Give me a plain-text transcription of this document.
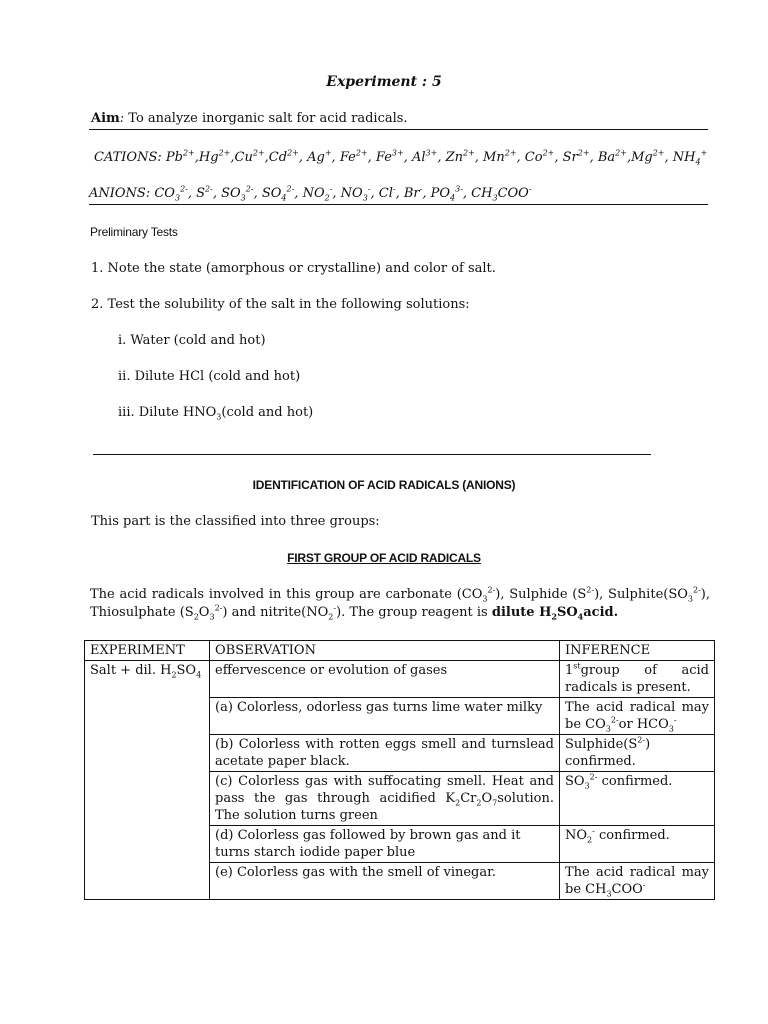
Experiment : 5
Aim: To analyze inorganic salt for acid radicals.
CATIONS: $Pb^{2+},Hg^{2+},Cu^{2+},Cd^{2+}$, Ag+, $Fe^{2+}$, $Fe^{3+}$, $Al^{3+}$, $Zn^{2+}$, $Mn^{2+}$, $Co^{2+}$, $Sr^{2+}$, $Ba^{2+},Mg^{2+}$, $NH_4^+$
ANIONS: $CO_3^{2-}$, $S^{2-}$, $SO_3^{2-}$, $SO_4^{2-}$, $NO_2^-$, $NO_3^-$, Cl-, Br-, $PO_4^{3-}$, $CH_3COO^-$
Preliminary Tests
1. Note the state (amorphous or crystalline) and color of salt.
2. Test the solubility of the salt in the following solutions:
i. Water (cold and hot)
ii. Dilute HCl (cold and hot)
iii. Dilute $HNO_3(cold$ and hot)
IDENTIFICATION OF ACID RADICALS (ANIONS)
This part is the classified into three groups:
FIRST GROUP OF ACID RADICALS
The acid radicals involved in this group are carbonate $(CO_3^{2-})$, Sulphide $(S^{2-})$, $Sulphite(SO_3^{2-})$, Thiosulphate $(S_2O_3^{2-})$ and $nitrite(NO_2^-)$. The group reagent is dilute $H_2SO_4acid$.
EXPERIMENT	OBSERVATION	INFERENCE
Salt + dil. $H_2SO_4$	effervescence or evolution of gases	1stgroup of acid radicals is present.
	(a) Colorless, odorless gas turns lime water milky	The acid radical may be $CO_3^{2-}or$ $HCO_3^-$
	(b) Colorless with rotten eggs smell and turnslead acetate paper black.	$Sulphide(S^{2-})$ confirmed.
	(c) Colorless gas with suffocating smell. Heat and pass the gas through acidified $K_2Cr_2O_7solution$. The solution turns green	$SO_3^{2-}$ confirmed.
	(d) Colorless gas followed by brown gas and it turns starch iodide paper blue	$NO_2^-$ confirmed.
	(e) Colorless gas with the smell of vinegar.	The acid radical may be $CH_3COO^-$
